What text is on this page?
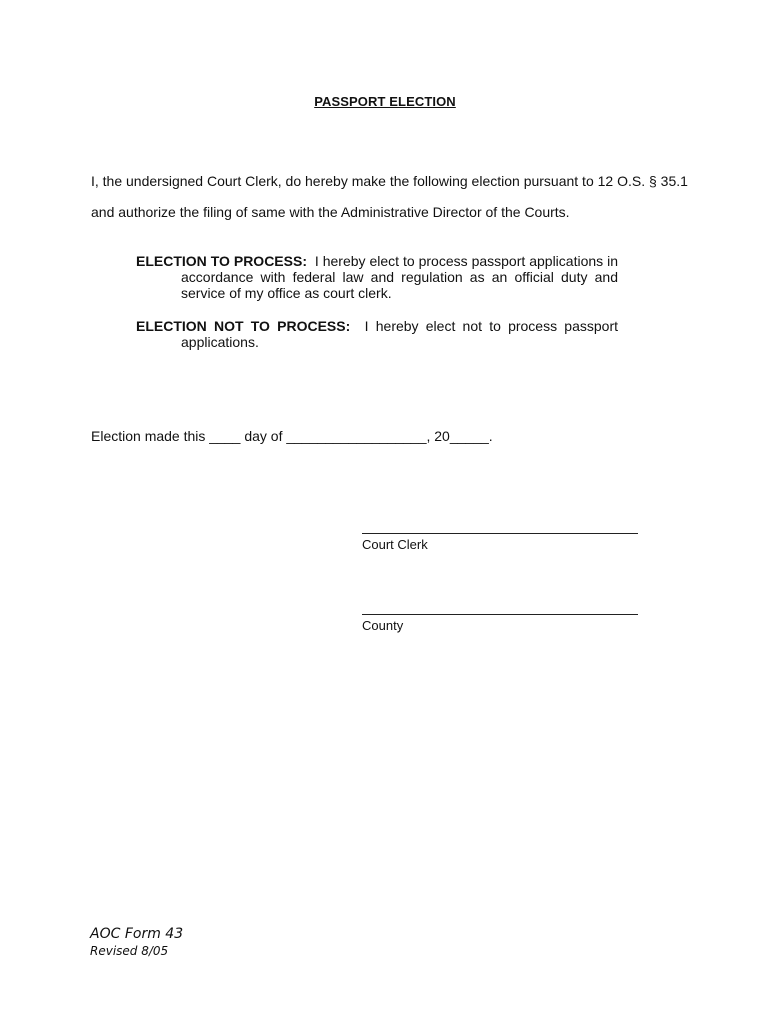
PASSPORT ELECTION
I, the undersigned Court Clerk, do hereby make the following election pursuant to 12 O.S. § 35.1
and authorize the filing of same with the Administrative Director of the Courts.
ELECTION TO PROCESS: I hereby elect to process passport applications in accordance with federal law and regulation as an official duty and service of my office as court clerk.
ELECTION NOT TO PROCESS: I hereby elect not to process passport applications.
Election made this ____ day of __________________, 20_____.
Court Clerk
County
AOC Form 43
Revised 8/05
